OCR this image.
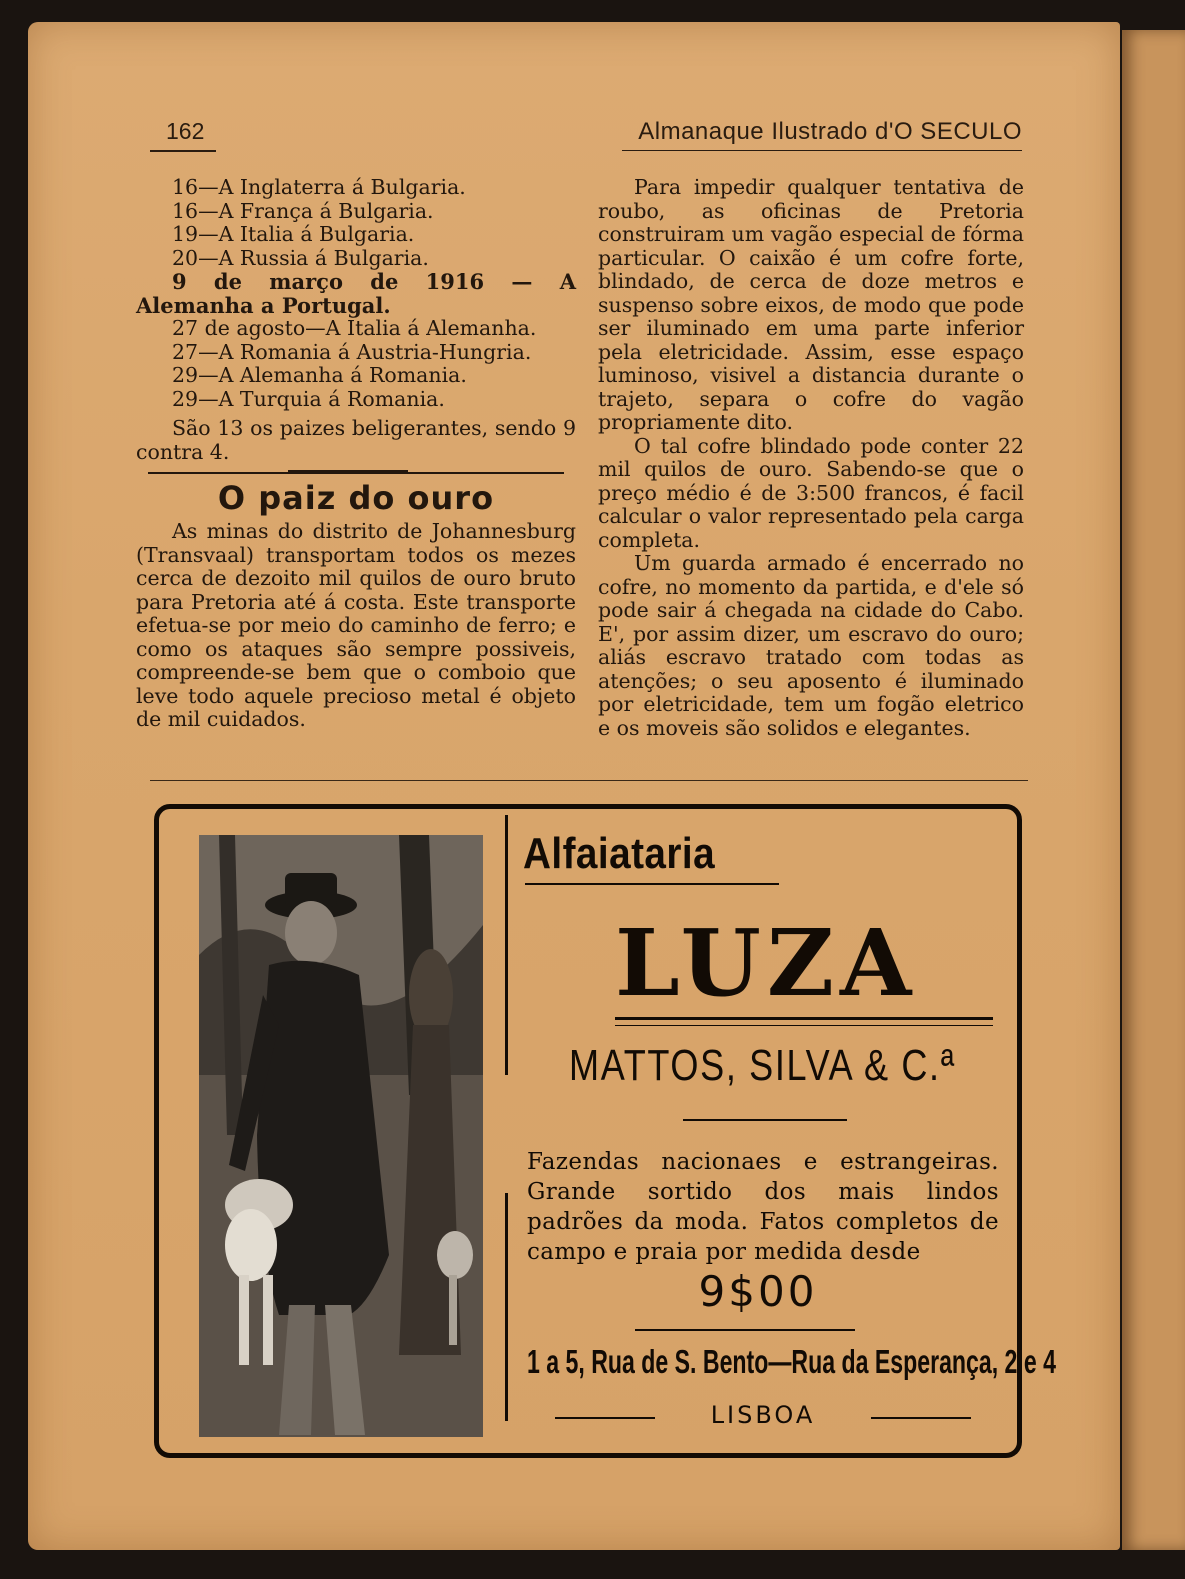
162	Almanaque Ilustrado d'O SECULO
16—A Inglaterra á Bulgaria.
16—A França á Bulgaria.
19—A Italia á Bulgaria.
20—A Russia á Bulgaria.
9 de março de 1916 — A Alemanha a Portugal.
27 de agosto—A Italia á Alemanha.
27—A Romania á Austria-Hungria.
29—A Alemanha á Romania.
29—A Turquia á Romania.
São 13 os paizes beligerantes, sendo 9 contra 4.
O paiz do ouro
As minas do distrito de Johannesburg (Transvaal) transportam todos os mezes cerca de dezoito mil quilos de ouro bruto para Pretoria até á costa. Este transporte efetua-se por meio do caminho de ferro; e como os ataques são sempre possiveis, compreende-se bem que o comboio que leve todo aquele precioso metal é objeto de mil cuidados.
Para impedir qualquer tentativa de roubo, as oficinas de Pretoria construiram um vagão especial de fórma particular. O caixão é um cofre forte, blindado, de cerca de doze metros e suspenso sobre eixos, de modo que pode ser iluminado em uma parte inferior pela eletricidade. Assim, esse espaço luminoso, visivel a distancia durante o trajeto, separa o cofre do vagão propriamente dito.
O tal cofre blindado pode conter 22 mil quilos de ouro. Sabendo-se que o preço médio é de 3:500 francos, é facil calcular o valor representado pela carga completa.
Um guarda armado é encerrado no cofre, no momento da partida, e d'ele só pode sair á chegada na cidade do Cabo. E', por assim dizer, um escravo do ouro; aliás escravo tratado com todas as atenções; o seu aposento é iluminado por eletricidade, tem um fogão eletrico e os moveis são solidos e elegantes.
Alfaiataria
LUZA
MATTOS, SILVA & C.ª
Fazendas nacionaes e estrangeiras. Grande sortido dos mais lindos padrões da moda. Fatos completos de campo e praia por medida desde
9$00
1 a 5, Rua de S. Bento—Rua da Esperança, 2 e 4
LISBOA
